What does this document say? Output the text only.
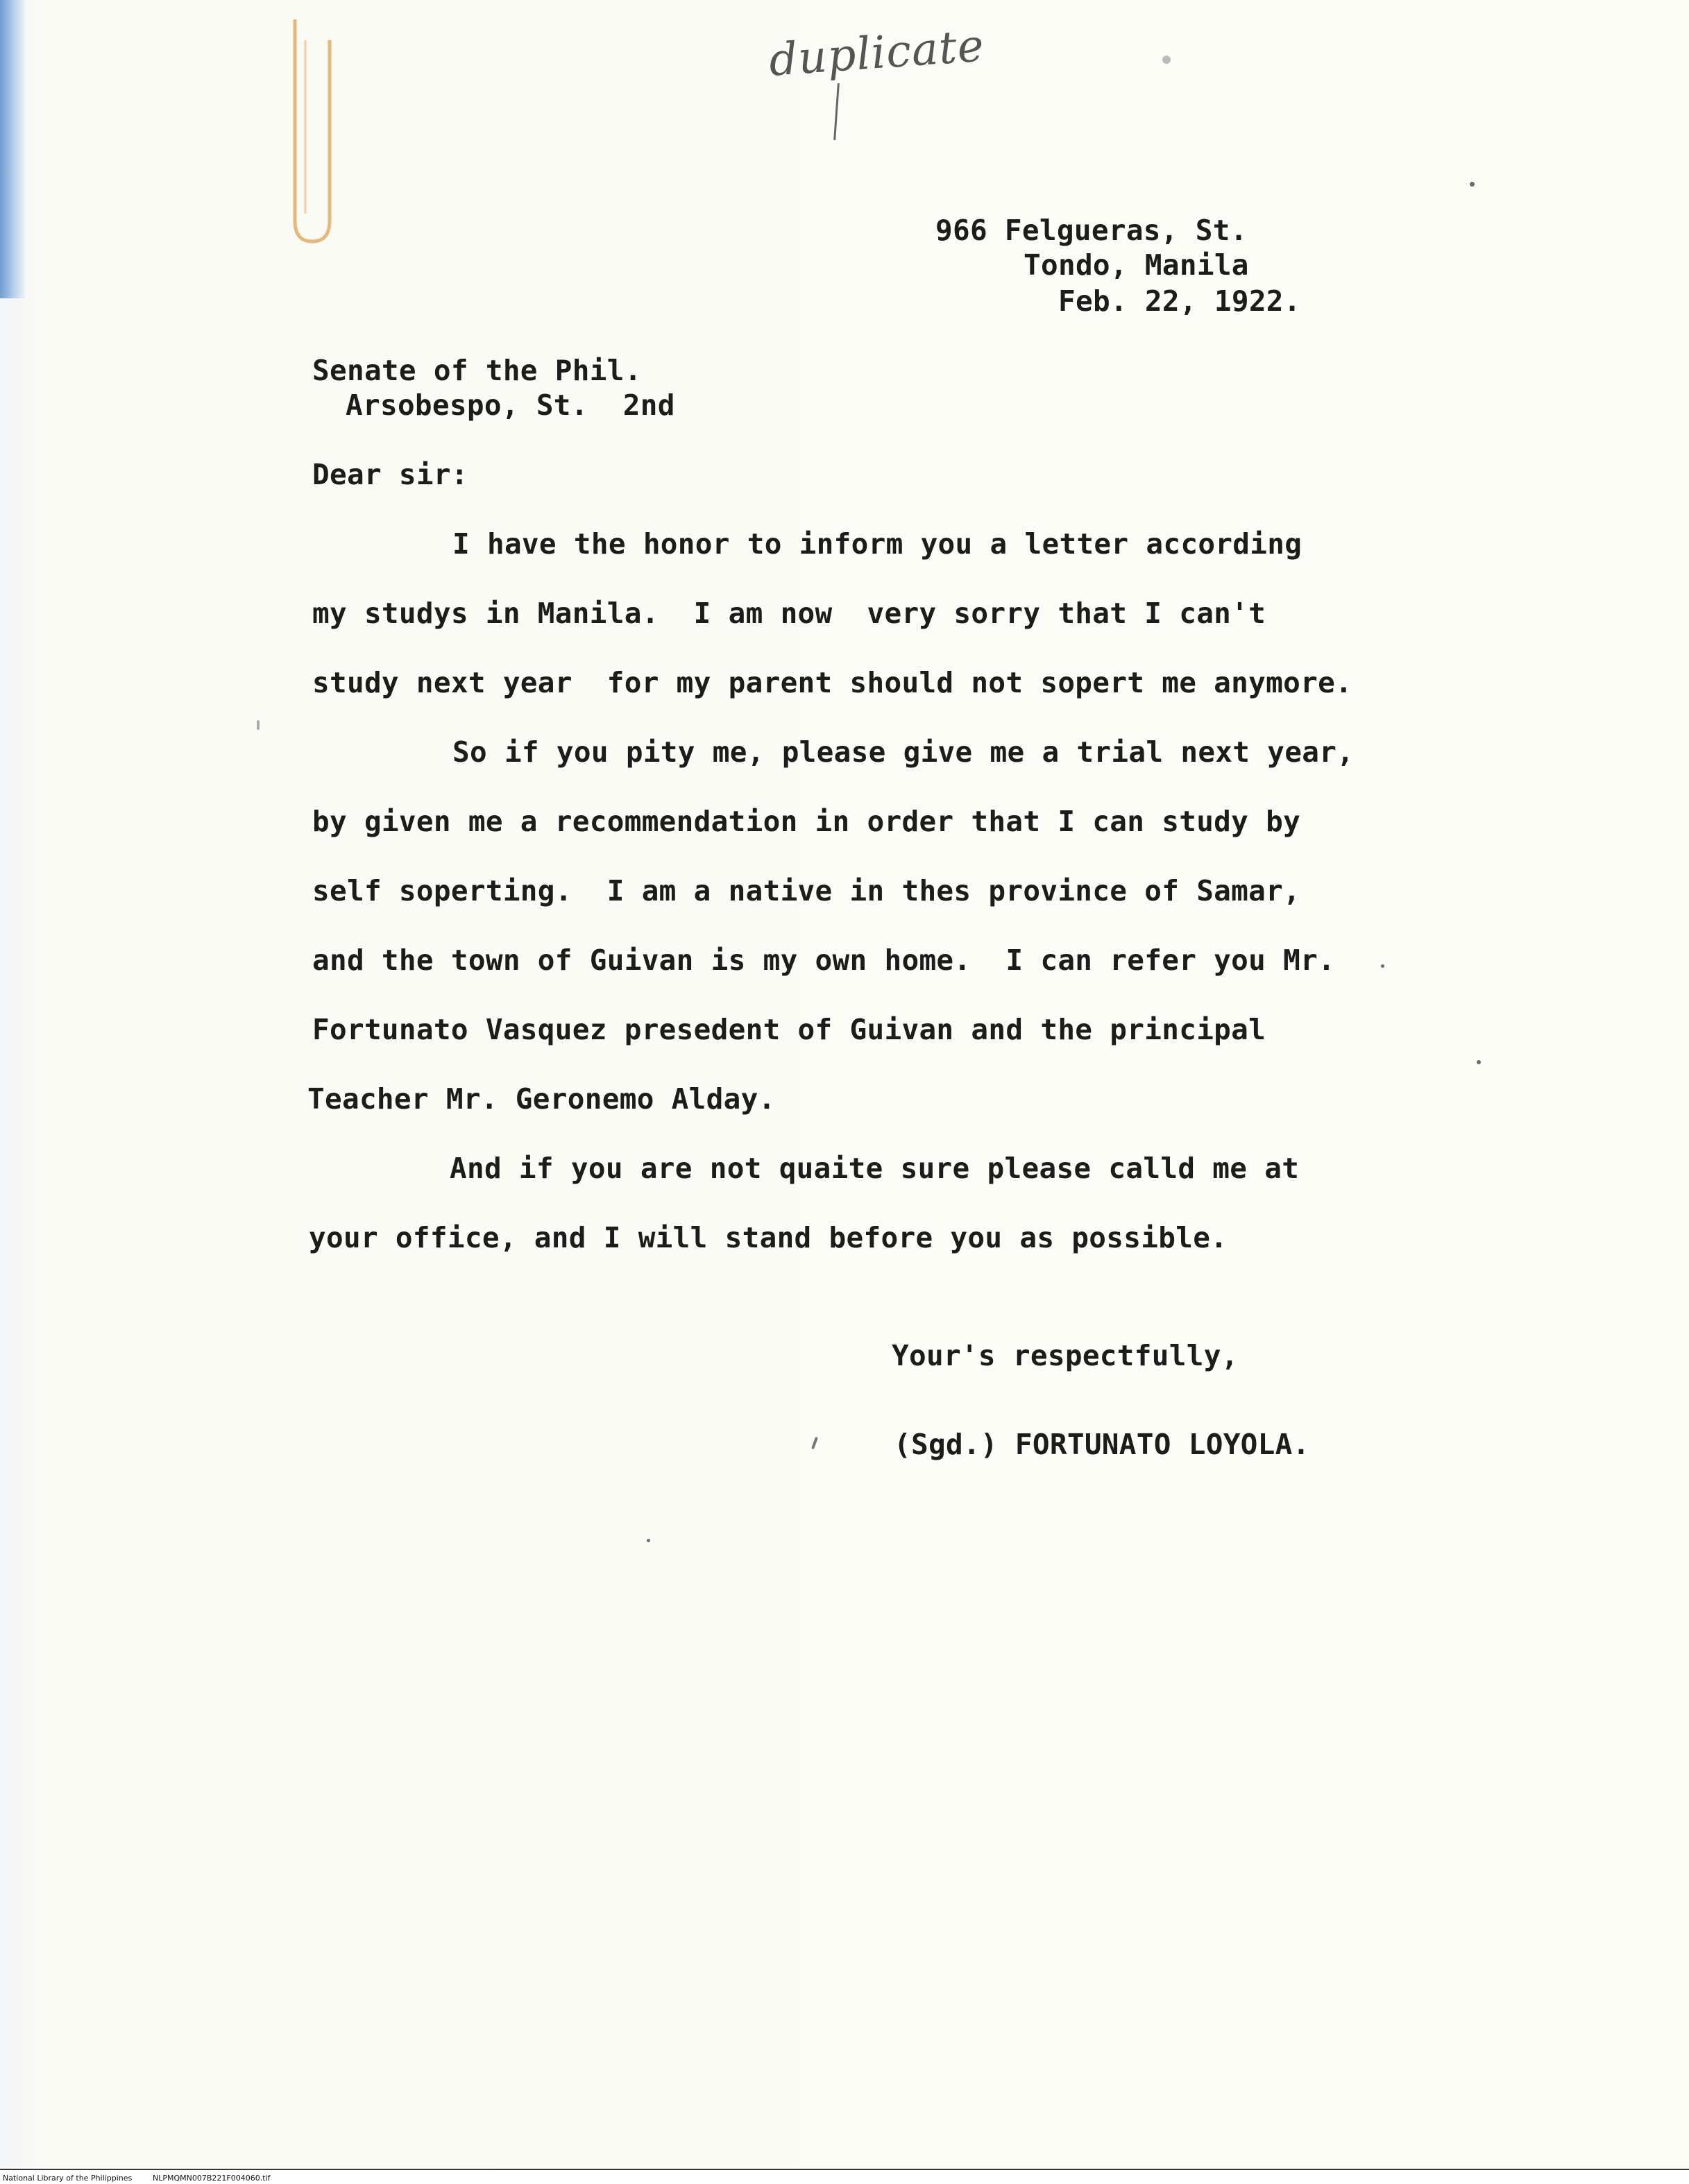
duplicate
966 Felgueras, St.
Tondo, Manila
Feb. 22, 1922.
Senate of the Phil.
Arsobespo, St.  2nd
Dear sir:
I have the honor to inform you a letter according
my studys in Manila.  I am now  very sorry that I can't
study next year  for my parent should not sopert me anymore.
So if you pity me, please give me a trial next year,
by given me a recommendation in order that I can study by
self soperting.  I am a native in thes province of Samar,
and the town of Guivan is my own home.  I can refer you Mr.
Fortunato Vasquez presedent of Guivan and the principal
Teacher Mr. Geronemo Alday.
And if you are not quaite sure please calld me at
your office, and I will stand before you as possible.
Your's respectfully,
(Sgd.) FORTUNATO LOYOLA.
National Library of the Philippines	NLPMQMN007B221F004060.tif
